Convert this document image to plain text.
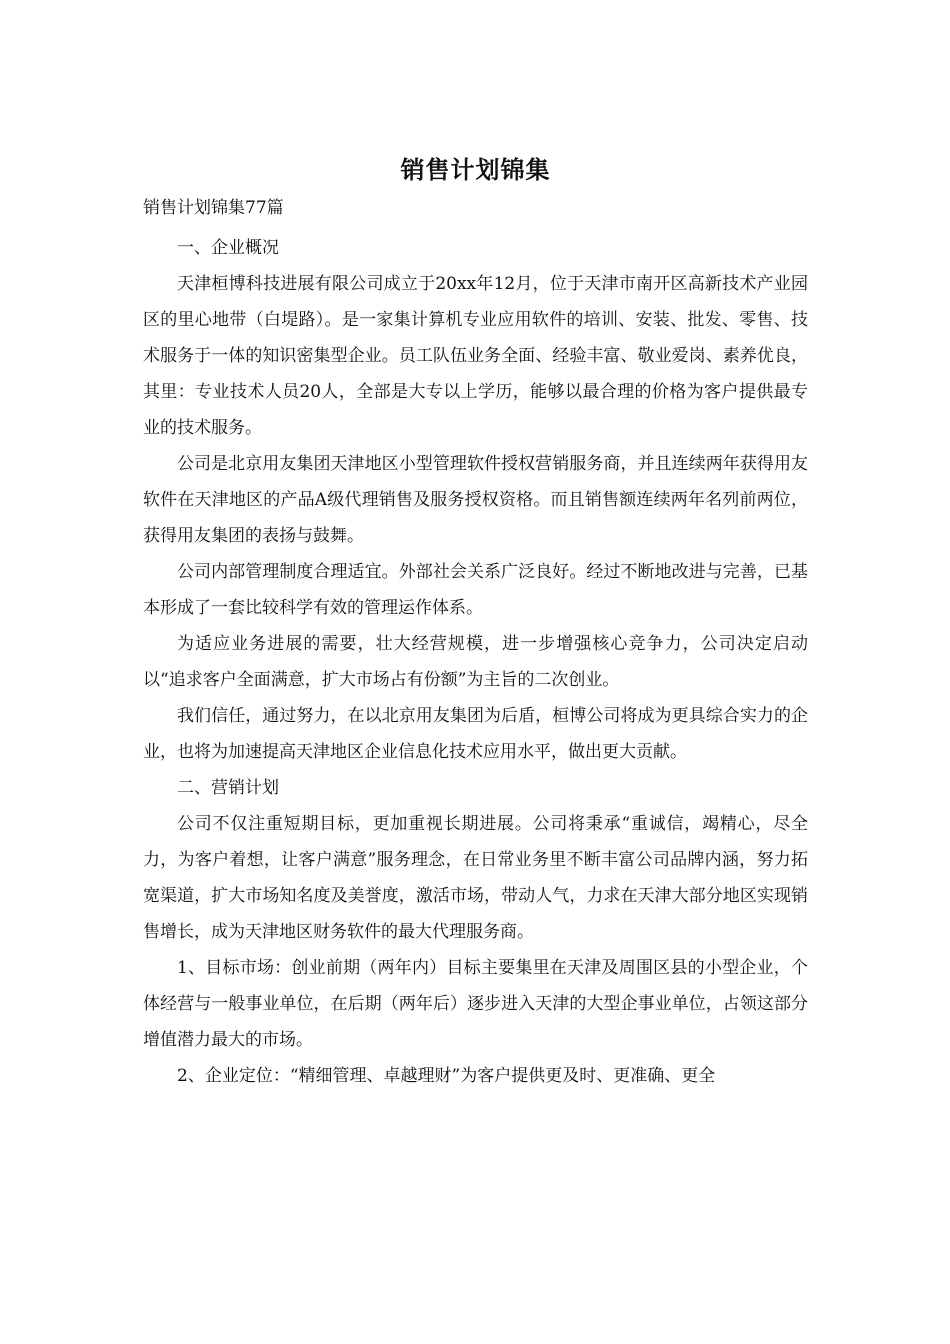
销售计划锦集

销售计划锦集77篇

一、企业概况

天津桓博科技进展有限公司成立于20xx年12月，位于天津市南开区高新技术产业园区的里心地带（白堤路）。是一家集计算机专业应用软件的培训、安装、批发、零售、技术服务于一体的知识密集型企业。员工队伍业务全面、经验丰富、敬业爱岗、素养优良，其里：专业技术人员20人，全部是大专以上学历，能够以最合理的价格为客户提供最专业的技术服务。

公司是北京用友集团天津地区小型管理软件授权营销服务商，并且连续两年获得用友软件在天津地区的产品A级代理销售及服务授权资格。而且销售额连续两年名列前两位，获得用友集团的表扬与鼓舞。

公司内部管理制度合理适宜。外部社会关系广泛良好。经过不断地改进与完善，已基本形成了一套比较科学有效的管理运作体系。

为适应业务进展的需要，壮大经营规模，进一步增强核心竞争力，公司决定启动以“追求客户全面满意，扩大市场占有份额”为主旨的二次创业。

我们信任，通过努力，在以北京用友集团为后盾，桓博公司将成为更具综合实力的企业，也将为加速提高天津地区企业信息化技术应用水平，做出更大贡献。

二、营销计划

公司不仅注重短期目标，更加重视长期进展。公司将秉承“重诚信，竭精心，尽全力，为客户着想，让客户满意”服务理念，在日常业务里不断丰富公司品牌内涵，努力拓宽渠道，扩大市场知名度及美誉度，激活市场，带动人气，力求在天津大部分地区实现销售增长，成为天津地区财务软件的最大代理服务商。

1、目标市场：创业前期（两年内）目标主要集里在天津及周围区县的小型企业，个体经营与一般事业单位，在后期（两年后）逐步进入天津的大型企事业单位，占领这部分增值潜力最大的市场。

2、企业定位：“精细管理、卓越理财”为客户提供更及时、更准确、更全
